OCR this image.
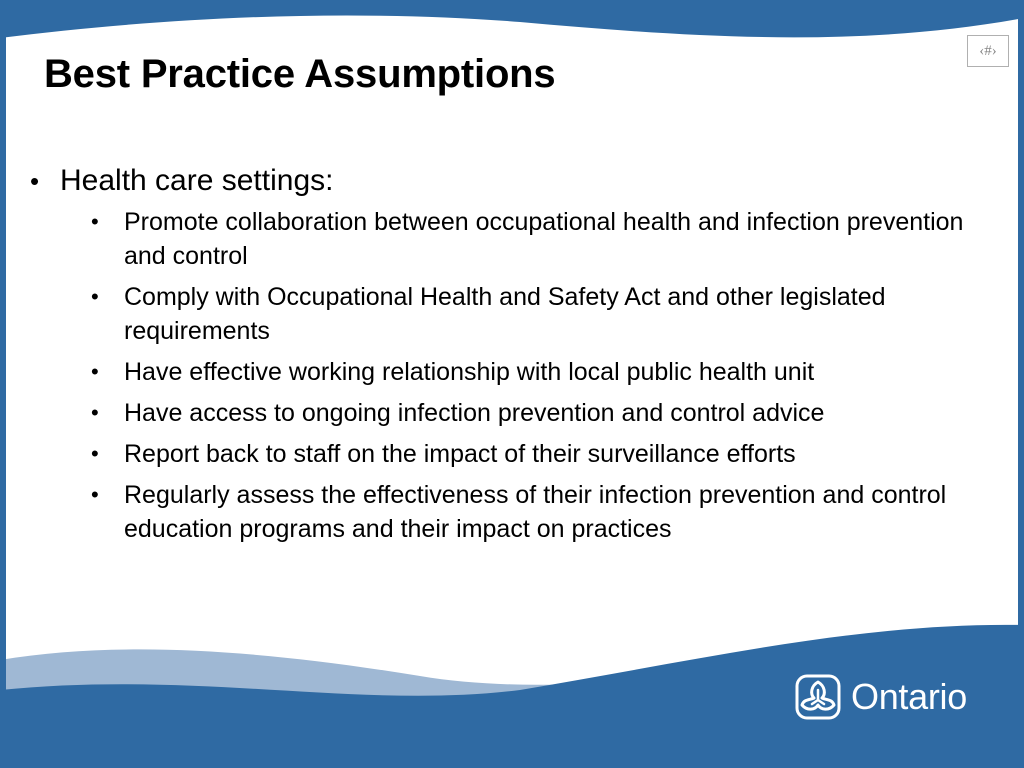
Best Practice Assumptions
‹#›
• Health care settings:
• Promote collaboration between occupational health and infection prevention and control
• Comply with Occupational Health and Safety Act and other legislated requirements
• Have effective working relationship with local public health unit
• Have access to ongoing infection prevention and control advice
• Report back to staff on the impact of their surveillance efforts
• Regularly assess the effectiveness of their infection prevention and control education programs and their impact on practices
Ontario
